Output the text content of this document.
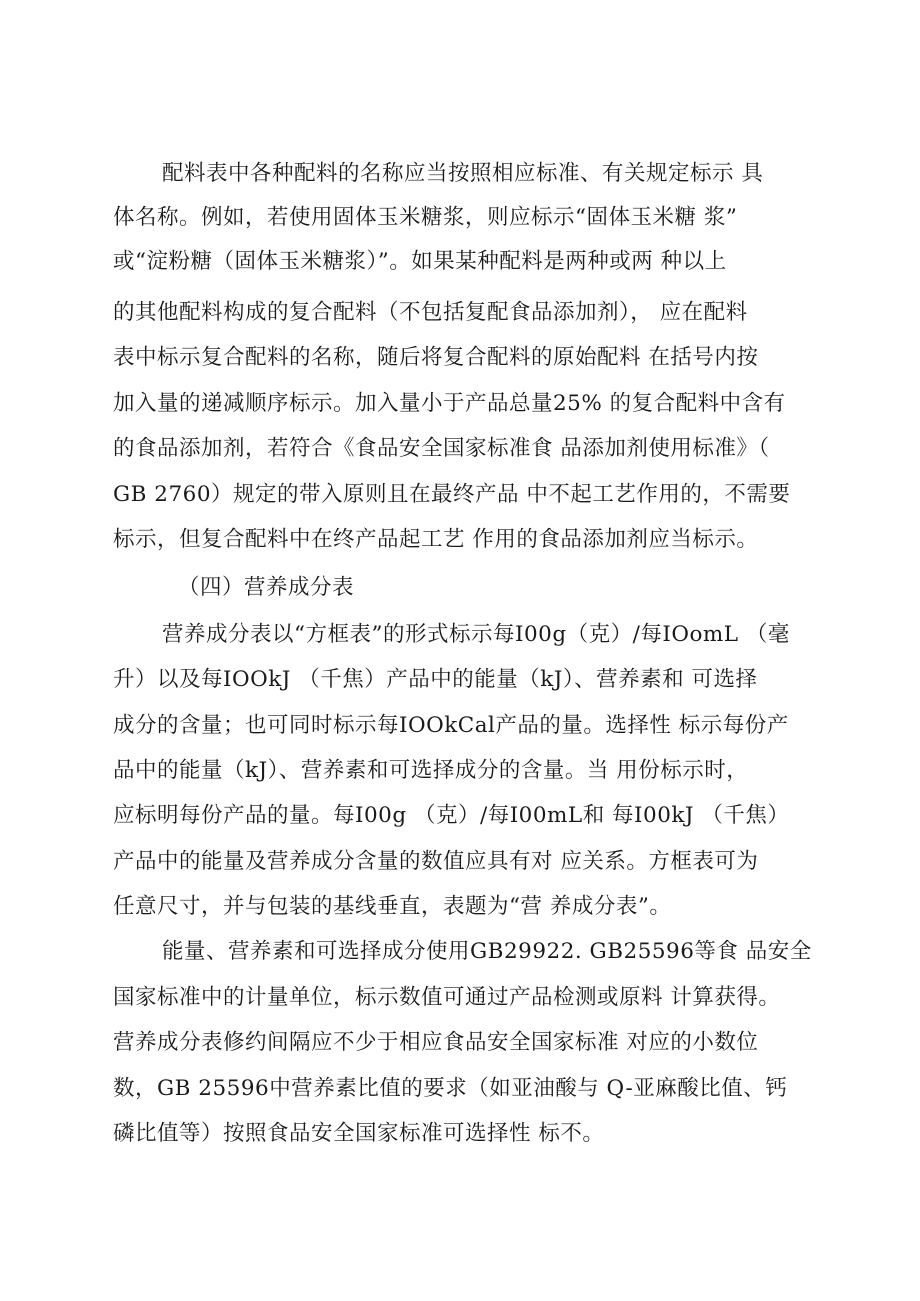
配料表中各种配料的名称应当按照相应标准、有关规定标示 具
体名称。例如，若使用固体玉米糖浆，则应标示“固体玉米糖 浆”
或“淀粉糖（固体玉米糖浆）”。如果某种配料是两种或两 种以上
的其他配料构成的复合配料（不包括复配食品添加剂）， 应在配料
表中标示复合配料的名称，随后将复合配料的原始配料 在括号内按
加入量的递减顺序标示。加入量小于产品总量25% 的复合配料中含有
的食品添加剂，若符合《食品安全国家标准食 品添加剂使用标准》（
GB 2760）规定的带入原则且在最终产品 中不起工艺作用的，不需要
标示，但复合配料中在终产品起工艺 作用的食品添加剂应当标示。
（四）营养成分表
营养成分表以“方框表”的形式标示每I00g（克）/每IOomL （毫
升）以及每IOOkJ （千焦）产品中的能量（kJ）、营养素和 可选择
成分的含量；也可同时标示每IOOkCal产品的量。选择性 标示每份产
品中的能量（kJ）、营养素和可选择成分的含量。当 用份标示时，
应标明每份产品的量。每I00g （克）/每I00mL和 每I00kJ （千焦）
产品中的能量及营养成分含量的数值应具有对 应关系。方框表可为
任意尺寸，并与包装的基线垂直，表题为“营 养成分表”。
能量、营养素和可选择成分使用GB29922. GB25596等食 品安全
国家标准中的计量单位，标示数值可通过产品检测或原料 计算获得。
营养成分表修约间隔应不少于相应食品安全国家标准 对应的小数位
数，GB 25596中营养素比值的要求（如亚油酸与 Q-亚麻酸比值、钙
磷比值等）按照食品安全国家标准可选择性 标不。
